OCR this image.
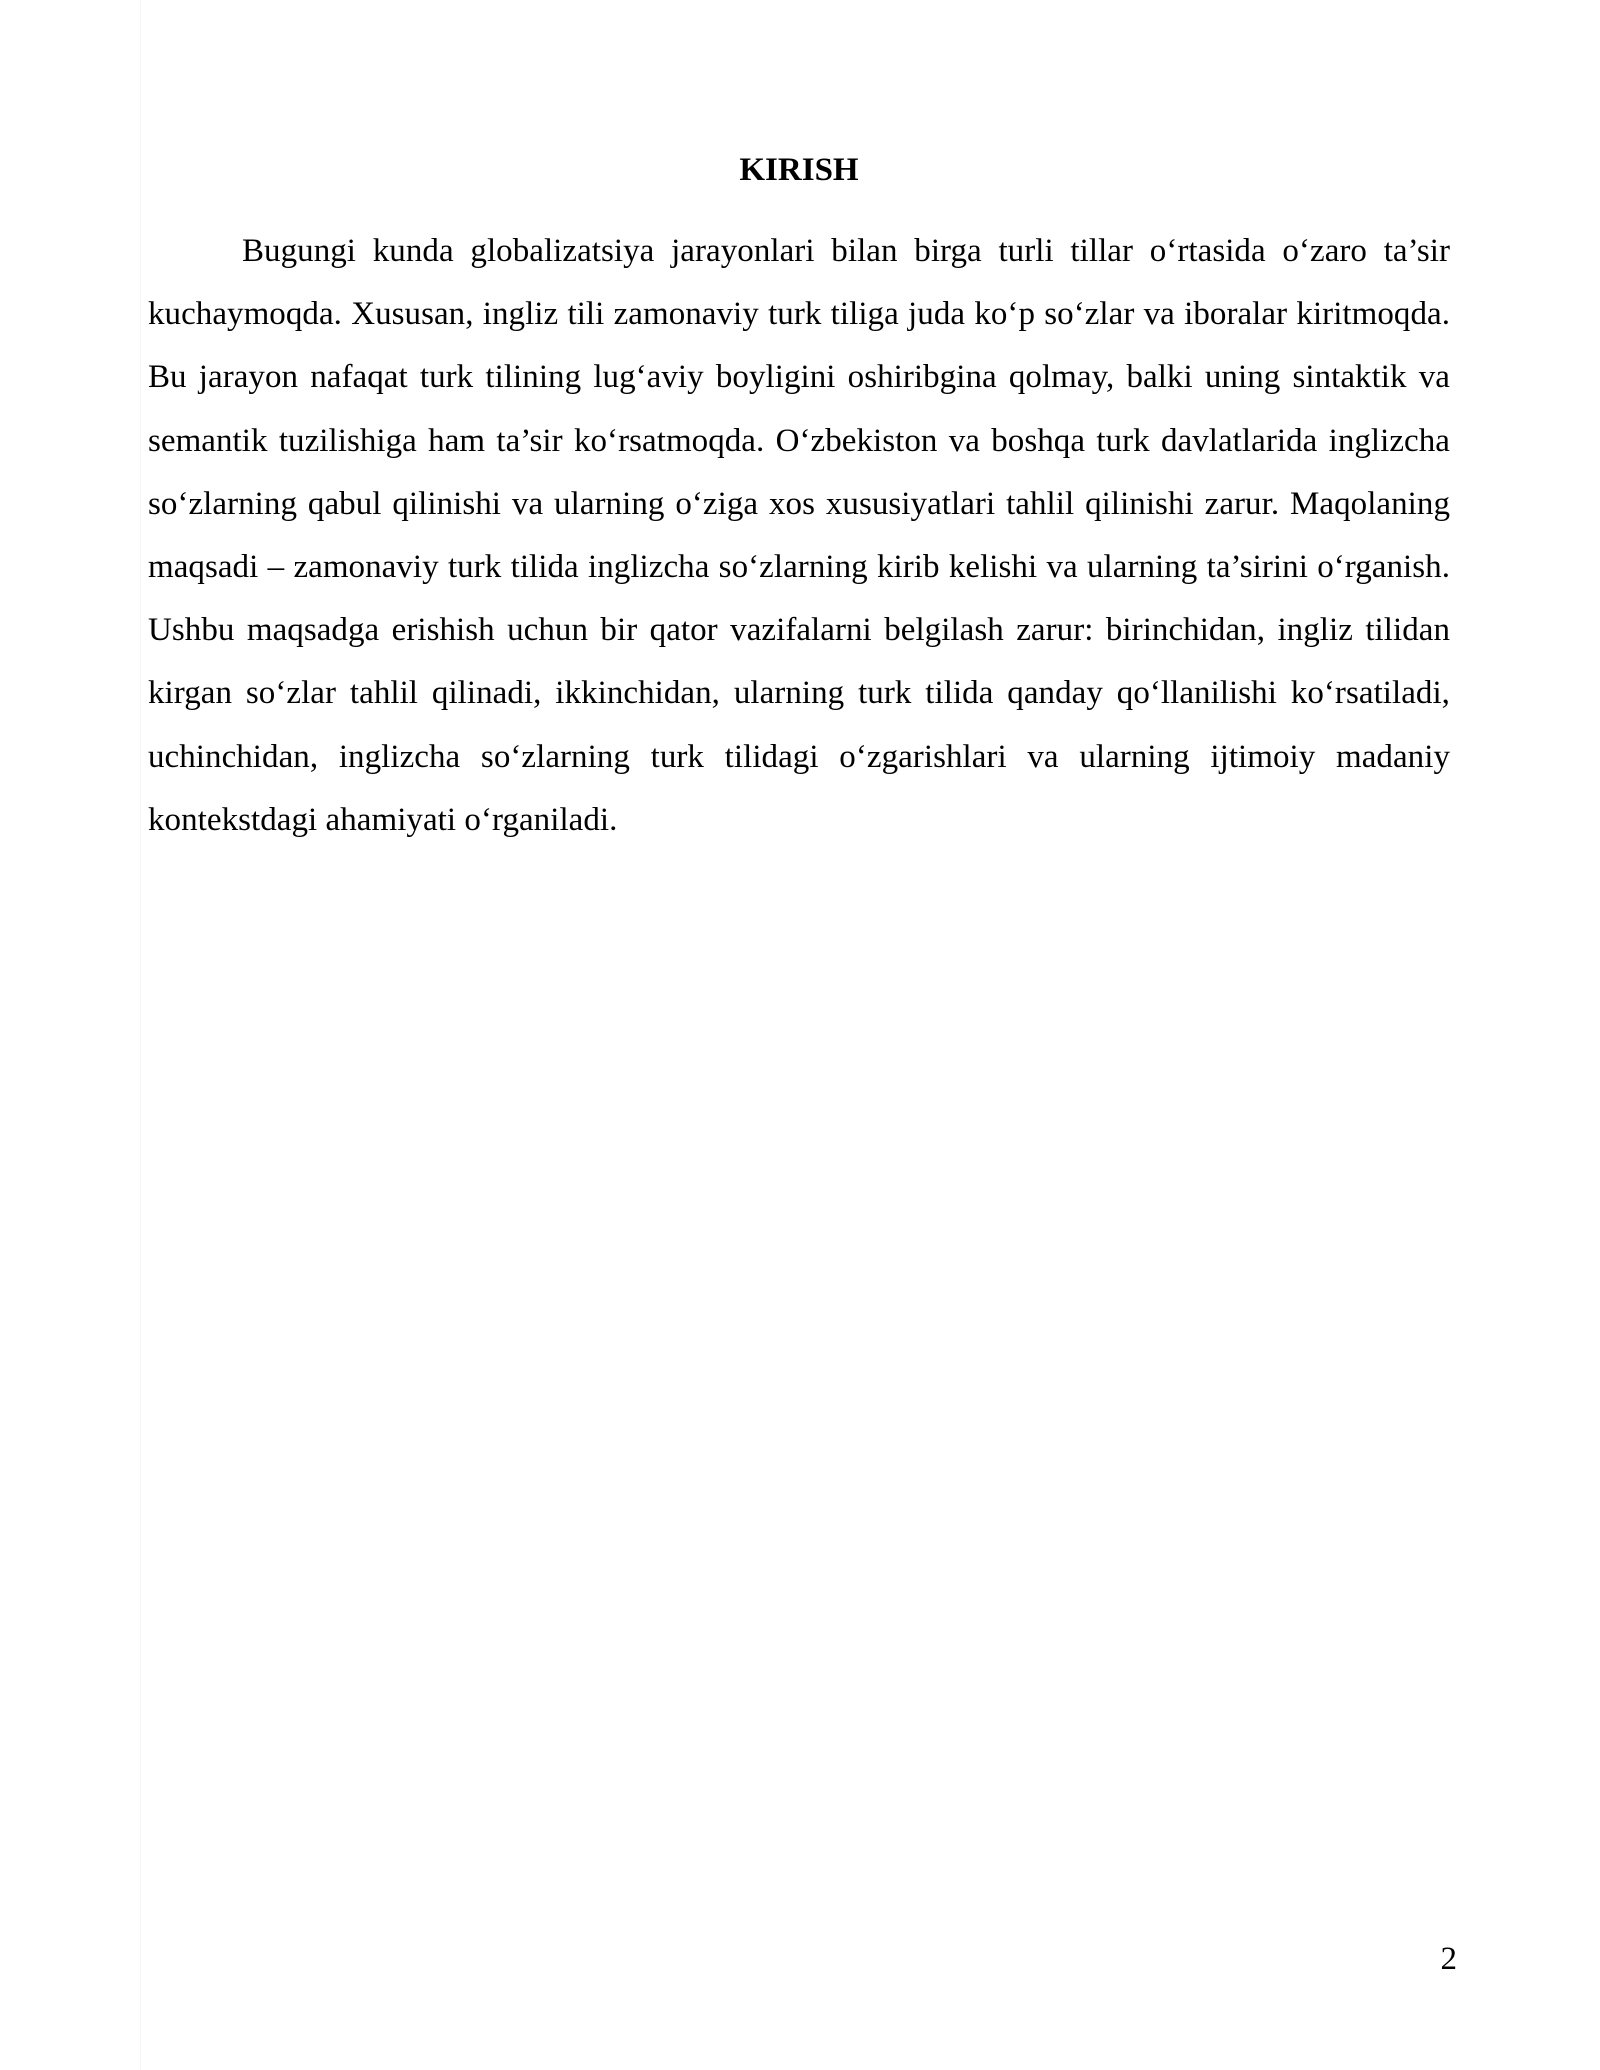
KIRISH

Bugungi kunda globalizatsiya jarayonlari bilan birga turli tillar o‘rtasida o‘zaro ta’sir kuchaymoqda. Xususan, ingliz tili zamonaviy turk tiliga juda ko‘p so‘zlar va iboralar kiritmoqda. Bu jarayon nafaqat turk tilining lug‘aviy boyligini oshiribgina qolmay, balki uning sintaktik va semantik tuzilishiga ham ta’sir ko‘rsatmoqda. O‘zbekiston va boshqa turk davlatlarida inglizcha so‘zlarning qabul qilinishi va ularning o‘ziga xos xususiyatlari tahlil qilinishi zarur. Maqolaning maqsadi – zamonaviy turk tilida inglizcha so‘zlarning kirib kelishi va ularning ta’sirini o‘rganish. Ushbu maqsadga erishish uchun bir qator vazifalarni belgilash zarur: birinchidan, ingliz tilidan kirgan so‘zlar tahlil qilinadi, ikkinchidan, ularning turk tilida qanday qo‘llanilishi ko‘rsatiladi, uchinchidan, inglizcha so‘zlarning turk tilidagi o‘zgarishlari va ularning ijtimoiy madaniy kontekstdagi ahamiyati o‘rganiladi.

2
